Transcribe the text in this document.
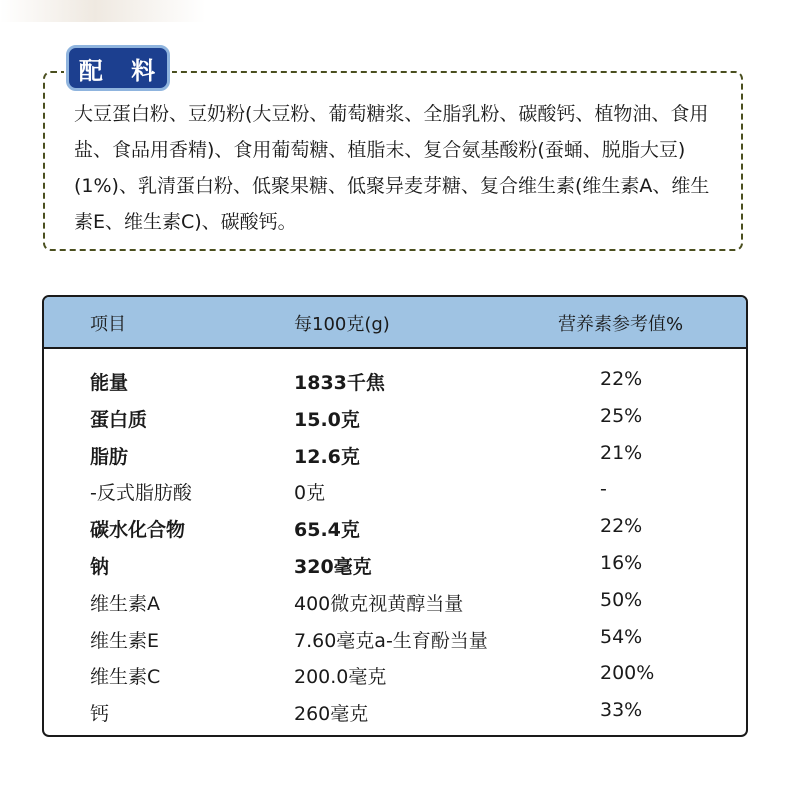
配 料
大豆蛋白粉、豆奶粉(大豆粉、葡萄糖浆、全脂乳粉、碳酸钙、植物油、食用盐、食品用香精)、食用葡萄糖、植脂末、复合氨基酸粉(蚕蛹、脱脂大豆)(1%)、乳清蛋白粉、低聚果糖、低聚异麦芽糖、复合维生素(维生素A、维生素E、维生素C)、碳酸钙。
项目	每100克(g)	营养素参考值%
能量	1833千焦	22%
蛋白质	15.0克	25%
脂肪	12.6克	21%
-反式脂肪酸	0克	-
碳水化合物	65.4克	22%
钠	320毫克	16%
维生素A	400微克视黄醇当量	50%
维生素E	7.60毫克a-生育酚当量	54%
维生素C	200.0毫克	200%
钙	260毫克	33%
